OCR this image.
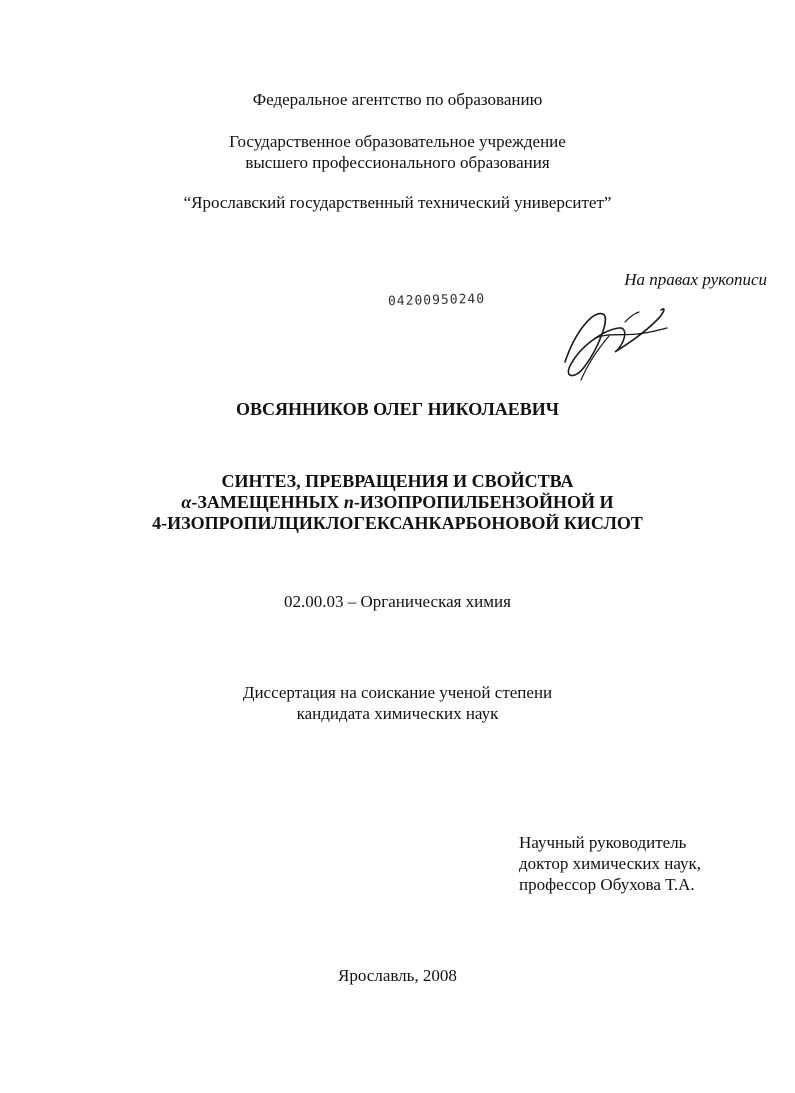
Федеральное агентство по образованию
Государственное образовательное учреждение
высшего профессионального образования
“Ярославский государственный технический университет”
На правах рукописи
04200950240
ОВСЯННИКОВ ОЛЕГ НИКОЛАЕВИЧ
СИНТЕЗ, ПРЕВРАЩЕНИЯ И СВОЙСТВА
α-ЗАМЕЩЕННЫХ п-ИЗОПРОПИЛБЕНЗОЙНОЙ И
4-ИЗОПРОПИЛЦИКЛОГЕКСАНКАРБОНОВОЙ КИСЛОТ
02.00.03 – Органическая химия
Диссертация на соискание ученой степени
кандидата химических наук
Научный руководитель
доктор химических наук,
профессор Обухова Т.А.
Ярославль, 2008
